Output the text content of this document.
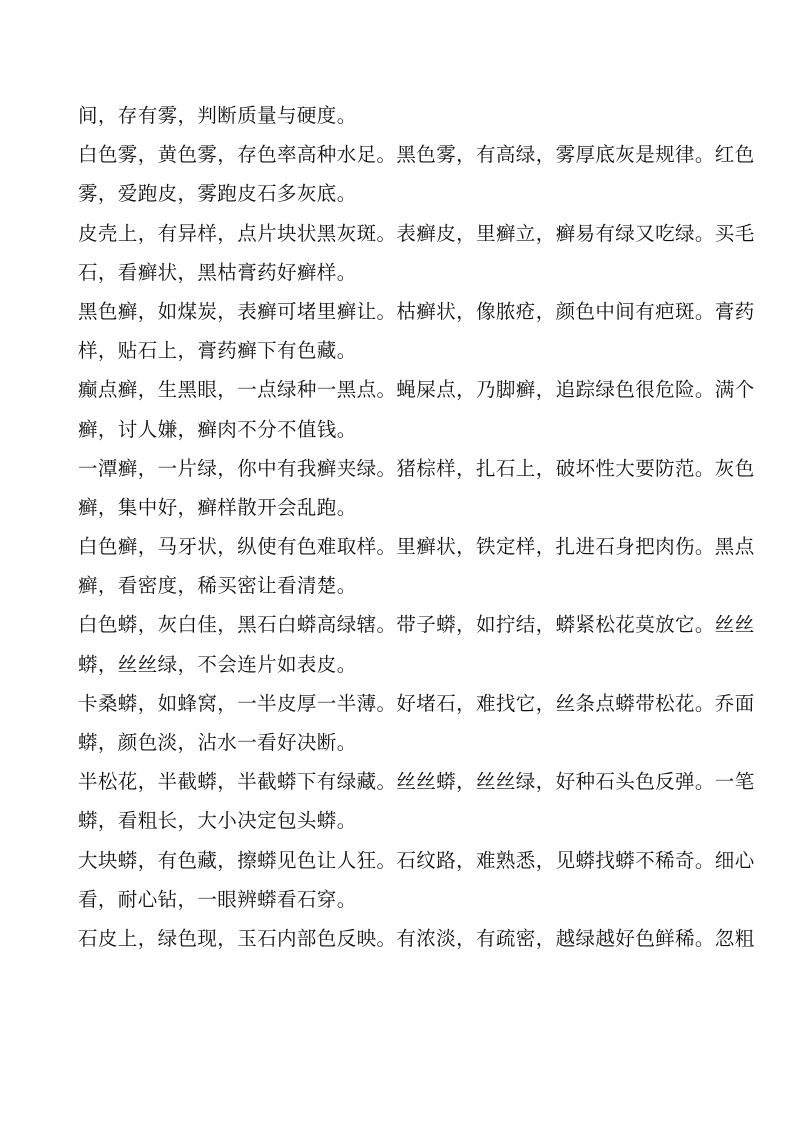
间，存有雾，判断质量与硬度。
白色雾，黄色雾，存色率高种水足。黑色雾，有高绿，雾厚底灰是规律。红色
雾，爱跑皮，雾跑皮石多灰底。
皮壳上，有异样，点片块状黑灰斑。表癣皮，里癣立，癣易有绿又吃绿。买毛
石，看癣状，黑枯膏药好癣样。
黑色癣，如煤炭，表癣可堵里癣让。枯癣状，像脓疮，颜色中间有疤斑。膏药
样，贴石上，膏药癣下有色藏。
癫点癣，生黑眼，一点绿种一黑点。蝇屎点，乃脚癣，追踪绿色很危险。满个
癣，讨人嫌，癣肉不分不值钱。
一潭癣，一片绿，你中有我癣夹绿。猪棕样，扎石上，破坏性大要防范。灰色
癣，集中好，癣样散开会乱跑。
白色癣，马牙状，纵使有色难取样。里癣状，铁定样，扎进石身把肉伤。黑点
癣，看密度，稀买密让看清楚。
白色蟒，灰白佳，黑石白蟒高绿辖。带子蟒，如拧结，蟒紧松花莫放它。丝丝
蟒，丝丝绿，不会连片如表皮。
卡桑蟒，如蜂窝，一半皮厚一半薄。好堵石，难找它，丝条点蟒带松花。乔面
蟒，颜色淡，沾水一看好决断。
半松花，半截蟒，半截蟒下有绿藏。丝丝蟒，丝丝绿，好种石头色反弹。一笔
蟒，看粗长，大小决定包头蟒。
大块蟒，有色藏，擦蟒见色让人狂。石纹路，难熟悉，见蟒找蟒不稀奇。细心
看，耐心钻，一眼辨蟒看石穿。
石皮上，绿色现，玉石内部色反映。有浓淡，有疏密，越绿越好色鲜稀。忽粗
